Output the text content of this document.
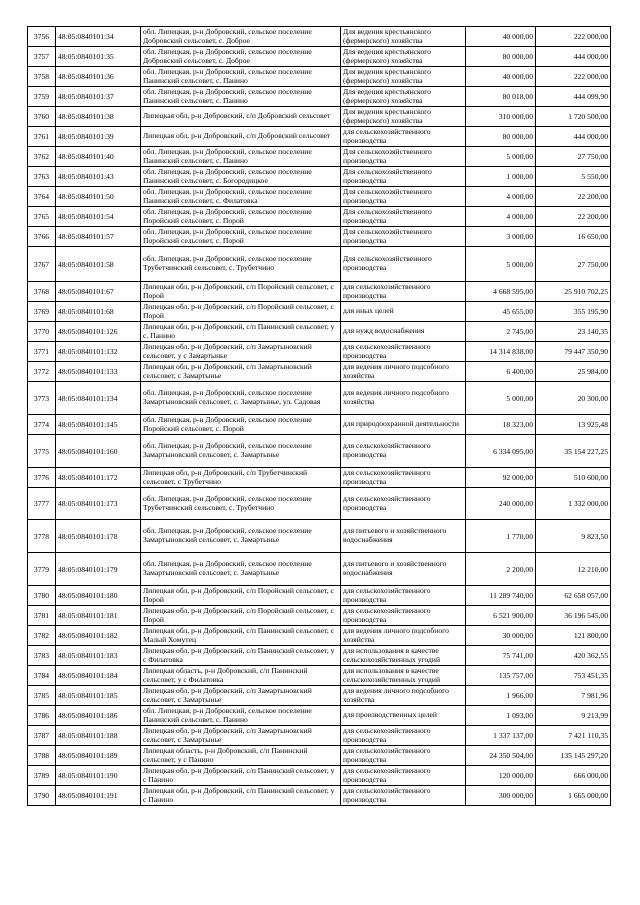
3756	48:05:0840101:34	обл. Липецкая, р-н Добровский, сельское поселение Добровский сельсовет, с. Доброе	Для ведения крестьянского (фермерского) хозяйства	40 000,00	222 000,00
3757	48:05:0840101:35	обл. Липецкая, р-н Добровский, сельское поселение Добровский сельсовет, с. Доброе	Для ведения крестьянского (фермерского) хозяйства	80 000,00	444 000,00
3758	48:05:0840101:36	обл. Липецкая, р-н Добровский, сельское поселение Панинский сельсовет, с. Панино	Для ведения крестьянского (фермерского) хозяйства	40 000,00	222 000,00
3759	48:05:0840101:37	обл. Липецкая, р-н Добровский, сельское поселение Панинский сельсовет, с. Панино	Для ведения крестьянского (фермерского) хозяйства	80 018,00	444 099,90
3760	48:05:0840101:38	Липецкая обл, р-н Добровский, с/п Добровский сельсовет	Для ведения крестьянского (фермерского) хозяйства	310 000,00	1 720 500,00
3761	48:05:0840101:39	Липецкая обл, р-н Добровский, с/п Добровский сельсовет	для сельскохозяйственного производства	80 000,00	444 000,00
3762	48:05:0840101:40	обл. Липецкая, р-н Добровский, сельское поселение Панинский сельсовет, с. Панино	Для сельскохозяйственного производства	5 000,00	27 750,00
3763	48:05:0840101:43	обл. Липецкая, р-н Добровский, сельское поселение Панинский сельсовет, с. Богородицкое	Для сельскохозяйственного производства	1 000,00	5 550,00
3764	48:05:0840101:50	обл. Липецкая, р-н Добровский, сельское поселение Панинский сельсовет, с. Филатовка	Для сельскохозяйственного производства	4 000,00	22 200,00
3765	48:05:0840101:54	обл. Липецкая, р-н Добровский, сельское поселение Поройский сельсовет, с. Порой	Для сельскохозяйственного производства	4 000,00	22 200,00
3766	48:05:0840101:57	обл. Липецкая, р-н Добровский, сельское поселение Поройский сельсовет, с. Порой	Для сельскохозяйственного производства	3 000,00	16 650,00
3767	48:05:0840101:58	обл. Липецкая, р-н Добровский, сельское поселение Трубетчинский сельсовет, с. Трубетчино	Для сельскохозяйственного производства	5 000,00	27 750,00
3768	48:05:0840101:67	Липецкая обл, р-н Добровский, с/п Поройский сельсовет, с Порой	для сельскохозяйственного производства	4 668 595,00	25 910 702,25
3769	48:05:0840101:68	Липецкая обл, р-н Добровский, с/п Поройский сельсовет, с Порой	для иных целей	45 655,00	355 195,90
3770	48:05:0840101:126	Липецкая обл, р-н Добровский, с/п Панинский сельсовет, у с. Панино	для нужд водоснабжения	2 745,00	23 140,35
3771	48:05:0840101:132	Липецкая обл, р-н Добровский, с/п Замартыновский сельсовет, у с Замартынье	для сельскохозяйственного производства	14 314 838,00	79 447 350,90
3772	48:05:0840101:133	Липецкая обл, р-н Добровский, с/п Замартыновский сельсовет, с Замартынье	для ведения личного подсобного хозяйства	6 400,00	25 984,00
3773	48:05:0840101:134	обл. Липецкая, р-н Добровский, сельское поселение Замартыновский сельсовет, с. Замартынье, ул. Садовая	для ведения личного подсобного хозяйства	5 000,00	20 300,00
3774	48:05:0840101:145	обл. Липецкая, р-н Добровский, сельское поселение Поройский сельсовет, с. Порой	для природоохранной деятельности	18 323,00	13 925,48
3775	48:05:0840101:160	обл. Липецкая, р-н Добровский, сельское поселение Замартыновский сельсовет, с. Замартынье	для сельскохозяйственного производства	6 334 095,00	35 154 227,25
3776	48:05:0840101:172	Липецкая обл, р-н Добровский, с/п Трубетчинский сельсовет, с Трубетчино	для сельскохозяйственного производства	92 000,00	510 600,00
3777	48:05:0840101:173	обл. Липецкая, р-н Добровский, сельское поселение Трубетчинский сельсовет, с. Трубетчино	для сельскохозяйственного производства	240 000,00	1 332 000,00
3778	48:05:0840101:178	обл. Липецкая, р-н Добровский, сельское поселение Замартыновский сельсовет, с. Замартынье	для питьевого и хозяйственного водоснабжения	1 770,00	9 823,50
3779	48:05:0840101:179	обл. Липецкая, р-н Добровский, сельское поселение Замартыновский сельсовет, с. Замартынье	для питьевого и хозяйственного водоснабжения	2 200,00	12 210,00
3780	48:05:0840101:180	Липецкая обл, р-н Добровский, с/п Поройский сельсовет, с Порой	для сельскохозяйственного производства	11 289 740,00	62 658 057,00
3781	48:05:0840101:181	Липецкая обл, р-н Добровский, с/п Поройский сельсовет, с Порой	для сельскохозяйственного производства	6 521 900,00	36 196 545,00
3782	48:05:0840101:182	Липецкая обл, р-н Добровский, с/п Панинский сельсовет, с Малый Хомутец	для ведения личного подсобного хозяйства	30 000,00	121 800,00
3783	48:05:0840101:183	Липецкая обл, р-н Добровский, с/п Панинский сельсовет, у с Филатовка	для использования в качестве сельскохозяйственных угодий	75 741,00	420 362,55
3784	48:05:0840101:184	Липецкая область, р-н Добровский, с/п Панинский сельсовет, у с Филатовка	для использования в качестве сельскохозяйственных угодий	135 757,00	753 451,35
3785	48:05:0840101:185	Липецкая обл, р-н Добровский, с/п Замартыновский сельсовет, с Замартынье	для ведения личного подсобного хозяйства	1 966,00	7 981,96
3786	48:05:0840101:186	обл. Липецкая, р-н Добровский, сельское поселение Панинский сельсовет, с. Панино	для производственных целей	1 093,00	9 213,99
3787	48:05:0840101:188	Липецкая обл, р-н Добровский, с/п Замартыновский сельсовет, с Замартынье	для сельскохозяйственного производства	1 337 137,00	7 421 110,35
3788	48:05:0840101:189	Липецкая область, р-н Добровский, с/п Панинский сельсовет, у с Панино	для сельскохозяйственного производства	24 350 504,00	135 145 297,20
3789	48:05:0840101:190	Липецкая обл, р-н Добровский, с/п Панинский сельсовет, у с Панино	для сельскохозяйственного производства	120 000,00	666 000,00
3790	48:05:0840101:191	Липецкая обл, р-н Добровский, с/п Панинский сельсовет, у с Панино	для сельскохозяйственного производства	300 000,00	1 665 000,00
